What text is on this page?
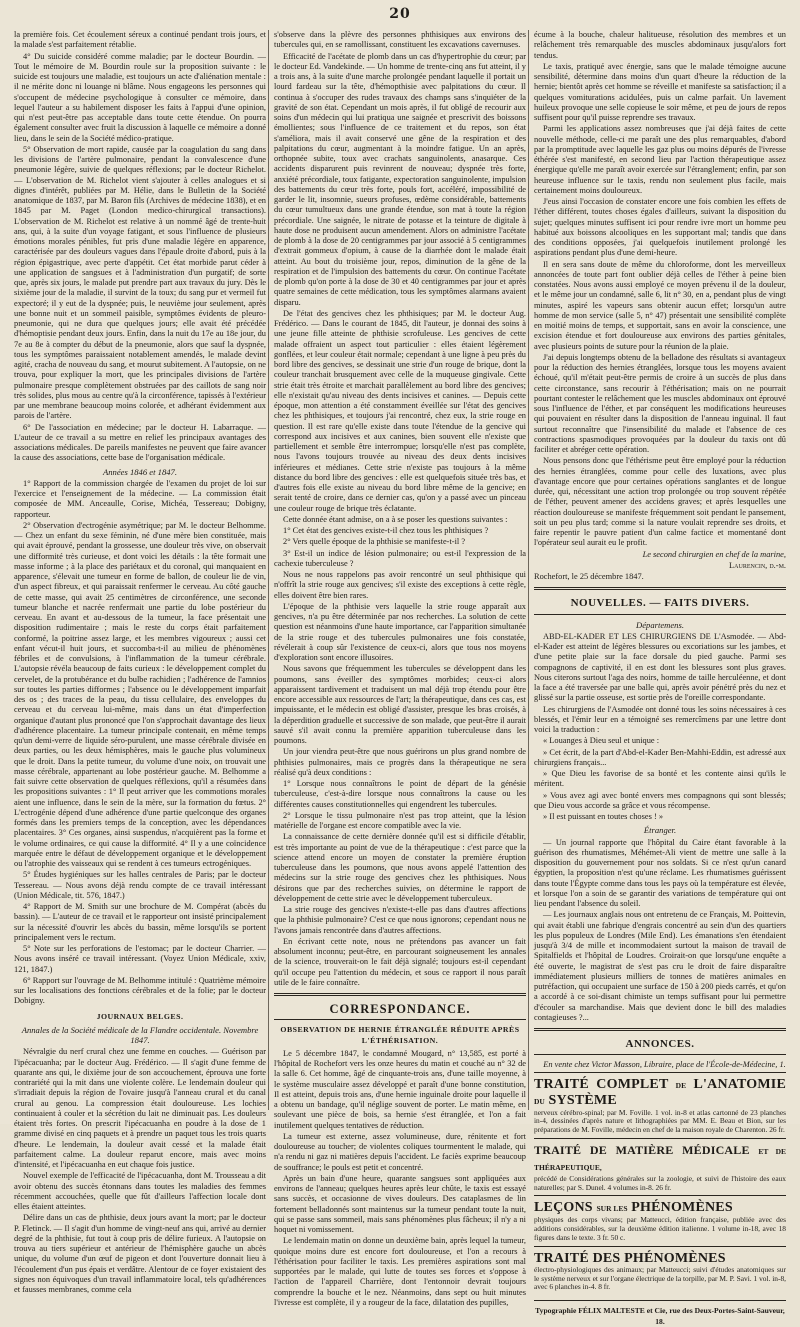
20

la première fois. Cet écoulement séreux a continué pendant trois jours, et la malade s'est parfaitement rétablie.

4° Du suicide considéré comme maladie; par le docteur Bourdin. — Tout le mémoire de M. Bourdin roule sur la proposition suivante : le suicide est toujours une maladie, est toujours un acte d'aliénation mentale : il ne mérite donc ni louange ni blâme. Nous engageons les personnes qui s'occupent de médecine psychologique à consulter ce mémoire, dans lequel l'auteur a su habilement disposer les faits à l'appui d'une opinion, qui n'est peut-être pas acceptable dans toute cette étendue. On pourra également consulter avec fruit la discussion à laquelle ce mémoire a donné lieu, dans le sein de la Société médico-pratique.

5° Observation de mort rapide, causée par la coagulation du sang dans les divisions de l'artère pulmonaire, pendant la convalescence d'une pneumonie légère, suivie de quelques réflexions; par le docteur Richelot. — L'observation de M. Richelot vient s'ajouter à celles analogues et si dignes d'intérêt, publiées par M. Hélie, dans le Bulletin de la Société anatomique de 1837, par M. Baron fils (Archives de médecine 1838), et en 1845 par M. Paget (London medico-chirurgical transactions). L'observation de M. Richelot est relative à un nommé âgé de trente-huit ans, qui, à la suite d'un voyage fatigant, et sous l'influence de plusieurs émotions morales pénibles, fut pris d'une maladie légère en apparence, caractérisée par des douleurs vagues dans l'épaule droite d'abord, puis à la région épigastrique, avec perte d'appétit. Cet état morbide parut céder à une application de sangsues et à l'administration d'un purgatif; de sorte que, après six jours, le malade put prendre part aux travaux du jury. Dès le sixième jour de la maladie, il survint de la toux; du sang pur et vermeil fut expectoré; il y eut de la dyspnée; puis, le neuvième jour seulement, après une bonne nuit et un sommeil paisible, symptômes évidents de pleuro-pneumonie, qui ne dura que quelques jours; elle avait été précédée d'hémoptisie pendant deux jours. Enfin, dans la nuit du 17e au 18e jour, du 7e au 8e à compter du début de la pneumonie, alors que sauf la dyspnée, tous les symptômes paraissaient notablement amendés, le malade devint agité, cracha de nouveau du sang, et mourut subitement. A l'autopsie, on ne trouva, pour expliquer la mort, que les principales divisions de l'artère pulmonaire presque complètement obstruées par des caillots de sang noir très solides, plus mous au centre qu'à la circonférence, tapissés à l'extérieur par une membrane beaucoup moins colorée, et adhérant évidemment aux parois de l'artère.

6° De l'association en médecine; par le docteur H. Labarraque. — L'auteur de ce travail a su mettre en relief les principaux avantages des associations médicales. De pareils manifestes ne peuvent que faire avancer la cause des associations, cette base de l'organisation médicale.

Années 1846 et 1847.

1° Rapport de la commission chargée de l'examen du projet de loi sur l'exercice et l'enseignement de la médecine. — La commission était composée de MM. Anceaulle, Corise, Michéa, Tessereau; Dobigny, rapporteur.

2° Observation d'ectrogénie asymétrique; par M. le docteur Belhomme. — Chez un enfant du sexe féminin, né d'une mère bien constituée, mais qui avait éprouvé, pendant la grossesse, une douleur très vive, on observait une difformité très curieuse, et dont voici les détails : la tête formait une masse informe ; à la place des pariétaux et du coronal, qui manquaient en apparence, s'élevait une tumeur en forme de ballon, de couleur lie de vin, d'un aspect fibreux, et qui paraissait renfermer le cerveau. Au côté gauche de cette masse, qui avait 25 centimètres de circonférence, une seconde tumeur blanche et nacrée renfermait une partie du lobe postérieur du cerveau. En avant et au-dessous de la tumeur, la face présentait une disposition rudimentaire ; mais le reste du corps était parfaitement conformé, la poitrine assez large, et les membres vigoureux ; aussi cet enfant vécut-il huit jours, et succomba-t-il au milieu de phénomènes fébriles et de convulsions, à l'inflammation de la tumeur cérébrale. L'autopsie révéla beaucoup de faits curieux : le développement complet du cervelet, de la protubérance et du bulbe rachidien ; l'adhérence de l'amnios sur toutes les parties difformes ; l'absence ou le développement imparfait des os ; des traces de la peau, du tissu cellulaire, des enveloppes du cerveau et du cerveau lui-même, mais dans un état d'imperfection organique d'autant plus prononcé que l'on s'approchait davantage des lieux d'adhérence placentaire. La tumeur principale contenait, en même temps qu'un demi-verre de liquide séro-purulent, une masse cérébrale divisée en deux parties, ou les deux hémisphères, mais le gauche plus volumineux que le droit. Dans la petite tumeur, du volume d'une noix, on trouvait une masse cérébrale, appartenant au lobe postérieur gauche. M. Belhomme a fait suivre cette observation de quelques réflexions, qu'il a résumées dans les propositions suivantes : 1° Il peut arriver que les commotions morales aient une influence, dans le sein de la mère, sur la formation du fœtus. 2° L'ectrogénie dépend d'une adhérence d'une partie quelconque des organes formés dans les premiers temps de la conception, avec les dépendances placentaires. 3° Ces organes, ainsi suspendus, n'acquièrent pas la forme et le volume ordinaires, ce qui cause la difformité. 4° Il y a une coïncidence marquée entre le défaut de développement organique et le développement ou l'atrophie des vaisseaux qui se rendent à ces tumeurs ectrogéniques.

5° Études hygiéniques sur les halles centrales de Paris; par le docteur Tessereau. — Nous avons déjà rendu compte de ce travail intéressant (Union Médicale, tit. 576, 1847.)

4° Rapport de M. Smith sur une brochure de M. Compérat (abcès du bassin). — L'auteur de ce travail et le rapporteur ont insisté principalement sur la nécessité d'ouvrir les abcès du bassin, même lorsqu'ils se portent principalement vers le rectum.

5° Note sur les perforations de l'estomac; par le docteur Charrier. — Nous avons inséré ce travail intéressant. (Voyez Union Médicale, xxiv, 121, 1847.)

6° Rapport sur l'ouvrage de M. Belhomme intitulé : Quatrième mémoire sur les localisations des fonctions cérébrales et de la folie; par le docteur Dobigny.

JOURNAUX BELGES.
Annales de la Société médicale de la Flandre occidentale. Novembre 1847.

Névralgie du nerf crural chez une femme en couches. — Guérison par l'ipécacuanha; par le docteur Aug. Frédérico. — Il s'agit d'une femme de quarante ans qui, le dixième jour de son accouchement, éprouva une forte contrariété qui la mit dans une violente colère. Le lendemain douleur qui s'irradiait depuis la région de l'ovaire jusqu'à l'anneau crural et du canal crural au genou. La compression était douloureuse. Les lochies continuaient à couler et la sécrétion du lait ne diminuait pas. Les douleurs étaient très fortes. On prescrit l'ipécacuanha en poudre à la dose de 1 gramme divisé en cinq paquets et à prendre un paquet tous les trois quarts d'heure. Le lendemain, la douleur avait cessé et la malade était parfaitement calme. La douleur reparut encore, mais avec moins d'intensité, et l'ipécacuanha en eut chaque fois justice.

Nouvel exemple de l'efficacité de l'ipécacuanha, dont M. Trousseau a dit avoir obtenu des succès étonnans dans toutes les maladies des femmes récemment accouchées, quelle que fût d'ailleurs l'affection locale dont elles étaient atteintes.

Délire dans un cas de phthisie, deux jours avant la mort; par le docteur P. Fletinck. — Il s'agit d'un homme de vingt-neuf ans qui, arrivé au dernier degré de la phthisie, fut tout à coup pris de délire furieux. A l'autopsie on trouva au tiers supérieur et antérieur de l'hémisphère gauche un abcès unique, du volume d'un œuf de pigeon et dont l'ouverture donnait lieu à l'écoulement d'un pus épais et verdâtre. Alentour de ce foyer existaient des signes non équivoques d'un travail inflammatoire local, tels qu'adhérences et fausses membranes, comme cela

s'observe dans la plèvre des personnes phthisiques aux environs des tubercules qui, en se ramollissant, constituent les excavations cavernuses.

Efficacité de l'acétate de plomb dans un cas d'hypertrophie du cœur; par le docteur Ed. Vandekinde. — Un homme de trente-cinq ans fut atteint, il y a trois ans, à la suite d'une marche prolongée pendant laquelle il portait un lourd fardeau sur la tête, d'hémopthisie avec palpitations du cœur. Il continua à s'occuper des rudes travaux des champs sans s'inquiéter de la gravité de son état. Cependant un mois après, il fut obligé de recourir aux soins d'un médecin qui lui pratiqua une saignée et prescrivit des boissons émollientes; sous l'influence de ce traitement et du repos, son état s'améliora, mais il avait conservé une gêne de la respiration et des palpitations du cœur, augmentant à la moindre fatigue. Un an après, orthopnée subite, toux avec crachats sanguinolents, anasarque. Ces accidents disparurent puis revinrent de nouveau; dyspnée très forte, anxiété précordiale, toux fatigante, expectoration sanguinolente, impulsion des battements du cœur très forte, pouls fort, accéléré, impossibilité de garder le lit, insomnie, sueurs profuses, œdème considérable, battements du cœur tumultueux dans une grande étendue, son mat à toute la région précordiale. Une saignée, le nitrate de potasse et la teinture de digitale à haute dose ne produisent aucun amendement. Alors on administre l'acétate de plomb à la dose de 20 centigrammes par jour associé à 5 centigrammes d'extrait gommeux d'opium, à cause de la diarrhée dont le malade était atteint. Au bout du troisième jour, repos, diminution de la gêne de la respiration et de l'impulsion des battements du cœur. On continue l'acétate de plomb qu'on porte à la dose de 30 et 40 centigrammes par jour et après quatre semaines de cette médication, tous les symptômes alarmans avaient disparu.

De l'état des gencives chez les phthisiques; par M. le docteur Aug. Frédérico. — Dans le courant de 1845, dit l'auteur, je donnai des soins à une jeune fille atteinte de phthisie scrofuleuse. Les gencives de cette malade offraient un aspect tout particulier : elles étaient légèrement gonflées, et leur couleur était normale; cependant à une ligne à peu près du bord libre des gencives, se dessinait une strie d'un rouge de brique, dont la couleur tranchait brusquement avec celle de la muqueuse gingivale. Cette strie était très étroite et marchait parallèlement au bord libre des gencives; elle n'existait qu'au niveau des dents incisives et canines. — Depuis cette époque, mon attention a été constamment éveillée sur l'état des gencives chez les phthisiques, et toujours j'ai rencontré, chez eux, la strie rouge en question. Il est rare qu'elle existe dans toute l'étendue de la gencive qui correspond aux incisives et aux canines, bien souvent elle n'existe que partiellement et semble être interrompue; lorsqu'elle n'est pas complète, nous l'avons toujours trouvée au niveau des deux dents incisives inférieures et médianes. Cette strie n'existe pas toujours à la même distance du bord libre des gencives : elle est quelquefois située très bas, et d'autres fois elle existe au niveau du bord libre même de la gencive; en serait tenté de croire, dans ce dernier cas, qu'on y a passé avec un pinceau une couleur rouge de brique très éclatante.

Cette donnée étant admise, on a à se poser les questions suivantes :

1° Cet état des gencives existe-t-il chez tous les phthisiques ?

2° Vers quelle époque de la phthisie se manifeste-t-il ?

3° Est-il un indice de lésion pulmonaire; ou est-il l'expression de la cachexie tuberculeuse ?

Nous ne nous rappelons pas avoir rencontré un seul phthisique qui n'offrît la strie rouge aux gencives; s'il existe des exceptions à cette règle, elles doivent être bien rares.

L'époque de la phthisie vers laquelle la strie rouge apparaît aux gencives, n'a pu être déterminée par nos recherches. La solution de cette question est néanmoins d'une haute importance, car l'apparition simultanée de la strie rouge et des tubercules pulmonaires une fois constatée, révélerait à coup sûr l'existence de ceux-ci, alors que tous nos moyens d'exploration sont encore illusoires.

Nous savons que fréquemment les tubercules se développent dans les poumons, sans éveiller des symptômes morbides; ceux-ci alors apparaissent tardivement et traduisent un mal déjà trop étendu pour être encore accessible aux ressources de l'art; la thérapeutique, dans ces cas, est impuissante, et le médecin est obligé d'assister, presque les bras croisés, à la déperdition graduelle et successive de son malade, que peut-être il aurait sauvé s'il avait connu la première apparition tuberculeuse dans les poumons.

Un jour viendra peut-être que nous guérirons un plus grand nombre de phthisies pulmonaires, mais ce progrès dans la thérapeutique ne sera réalisé qu'à deux conditions :

1° Lorsque nous connaîtrons le point de départ de la génésie tuberculeuse, c'est-à-dire lorsque nous connaîtrons la cause ou les différentes causes constitutionnelles qui engendrent les tubercules.

2° Lorsque le tissu pulmonaire n'est pas trop atteint, que la lésion matérielle de l'organe est encore compatible avec la vie.

La connaissance de cette dernière donnée qu'il est si difficile d'établir, est très importante au point de vue de la thérapeutique : c'est parce que la science attend encore un moyen de constater la première éruption tuberculeuse dans les poumons, que nous avons appelé l'attention des médecins sur la strie rouge des gencives chez les phthisiques. Nous désirons que par des recherches suivies, on détermine le rapport de développement de cette strie avec le développement tuberculeux.

La strie rouge des gencives n'existe-t-elle pas dans d'autres affections que la phthisie pulmonaire? C'est ce que nous ignorons; cependant nous ne l'avons jamais rencontrée dans d'autres affections.

En écrivant cette note, nous ne prétendons pas avancer un fait absolument inconnu; peut-être, en parcourant soigneusement les annales de la science, trouverait-on le fait déjà signalé; toujours est-il cependant qu'il occupe peu l'attention du médecin, et sous ce rapport il nous paraît utile de le faire connaître.

CORRESPONDANCE.
OBSERVATION DE HERNIE ÉTRANGLÉE RÉDUITE APRÈS L'ÉTHÉRISATION.

Le 5 décembre 1847, le condamné Mougard, n° 13,585, est porté à l'hôpital de Rochefort vers les onze heures du matin et couché au n° 32 de la salle 6. Cet homme, âgé de cinquante-trois ans, d'une taille moyenne, à le système musculaire assez développé et paraît d'une bonne constitution, Il est atteint, depuis trois ans, d'une hernie inguinale droite pour laquelle il a obtenu un bandage, qu'il néglige souvent de porter. Le matin même, en soulevant une pièce de bois, sa hernie s'est étranglée, et l'on a fait inutilement quelques tentatives de réduction.

La tumeur est externe, assez volumineuse, dure, rénitente et fort douloureuse au toucher; de violentes coliques tourmentent le malade, qui n'a rendu ni gaz ni matières depuis l'accident. Le faciès exprime beaucoup de souffrance; le pouls est petit et concentré.

Après un bain d'une heure, quarante sangsues sont appliquées aux environs de l'anneau; quelques heures après leur chûte, le taxis est essayé sans succès, et occasionne de vives douleurs. Des cataplasmes de lin fortement belladonnés sont maintenus sur la tumeur pendant toute la nuit, qui se passe sans sommeil, mais sans phénomènes plus fâcheux; il n'y a ni hoquet ni vomissement.

Le lendemain matin on donne un deuxième bain, après lequel la tumeur, quoique moins dure est encore fort douloureuse, et l'on a recours à l'éthérisation pour faciliter le taxis. Les premières aspirations sont mal supportées par le malade, qui lutte de toutes ses forces et s'oppose à l'action de l'appareil Charrière, dont l'entonnoir devrait toujours comprendre la bouche et le nez. Néanmoins, dans sept ou huit minutes l'ivresse est complète, il y a rougeur de la face, dilatation des pupilles,

écume à la bouche, chaleur halitueuse, résolution des membres et un relâchement très remarquable des muscles abdominaux jusqu'alors fort tendus.

Le taxis, pratiqué avec énergie, sans que le malade témoigne aucune sensibilité, détermine dans moins d'un quart d'heure la réduction de la hernie; bientôt après cet homme se réveille et manifeste sa satisfaction; il a quelques vomiturations acidulées, puis un calme parfait. Un lavement huileux provoque une selle copieuse le soir même, et peu de jours de repos suffisent pour qu'il puisse reprendre ses travaux.

Parmi les applications assez nombreuses que j'ai déjà faites de cette nouvelle méthode, celle-ci me paraît une des plus remarquables, d'abord par la promptitude avec laquelle les gaz plus ou moins dépurés de l'ivresse éthérée s'est manifesté, en second lieu par l'action thérapeutique assez énergique qu'elle me paraît avoir exercée sur l'étranglement; enfin, par son heureuse influence sur le taxis, rendu non seulement plus facile, mais certainement moins douloureux.

J'eus ainsi l'occasion de constater encore une fois combien les effets de l'éther différent, toutes choses égales d'ailleurs, suivant la disposition du sujet; quelques minutes suffisent ici pour rendre ivre mort un homme peu habitué aux boissons alcooliques en les supportant mal; tandis que dans des conditions opposées, j'ai quelquefois inutilement prolongé les aspirations pendant plus d'une demi-heure.

Il en sera sans doute de même du chloroforme, dont les merveilleux annoncées de toute part font oublier déjà celles de l'éther à peine bien constatées. Nous avons aussi employé ce moyen prévenu il de la douleur, et le même jour un condamné, salle 6, lit n° 30, en a, pendant plus de vingt minutes, aspiré les vapeurs sans obtenir aucun effet; lorsqu'un autre homme de mon service (salle 5, n° 47) présentait une sensibilité complète en moitié moins de temps, et supportait, sans en avoir la conscience, une excision étendue et fort douloureuse aux environs des parties génitales, avec plusieurs points de suture pour la réunion de la plaie.

J'ai depuis longtemps obtenu de la belladone des résultats si avantageux pour la réduction des hernies étranglées, lorsque tous les moyens avaient échoué, qu'il m'était peut-être permis de croire à un succès de plus dans cette circonstance, sans recourir à l'éthérisation; mais on ne pourrait pourtant contester le relâchement que les muscles abdominaux ont éprouvé sous l'influence de l'éther, et par conséquent les modifications heureuses qui pouvaient en résulter dans la disposition de l'anneau inguinal. Il faut surtout reconnaître que l'insensibilité du malade et l'absence de ces contractions spasmodiques provoquées par la douleur du taxis ont dû faciliter et abréger cette opération.

Nous pensons donc que l'éthérisme peut être employé pour la réduction des hernies étranglées, comme pour celle des luxations, avec plus d'avantage encore que pour certaines opérations sanglantes et de longue durée, qui, nécessitant une action trop prolongée ou trop souvent répétée de l'éther, peuvent amener des accidens graves; et après lesquelles une réaction douloureuse se manifeste fréquemment soit pendant le pansement, soit un peu plus tard; comme si la nature voulait reprendre ses droits, et faire repentir le pauvre patient d'un calme factice et momentané dont l'opérateur seul aurait eu le profit.

Le second chirurgien en chef de la marine,

Laurencin, d.-m.

Rochefort, le 25 décembre 1847.

NOUVELLES. — FAITS DIVERS.
Départemens.

ABD-EL-KADER ET LES CHIRURGIENS DE L'Asmodée. — Abd-el-Kader est atteint de légères blessures ou excoriations sur les jambes, et d'une petite plaie sur la face dorsale du pied gauche. Parmi ses compagnons de captivité, il en est dont les blessures sont plus graves. Nous citerons surtout l'aga des noirs, homme de taille herculéenne, et dont la face a été traversée par une balle qui, après avoir pénétré près du nez et glissé sur la partie osseuse, est sortie près de l'oreille correspondante.

Les chirurgiens de l'Asmodée ont donné tous les soins nécessaires à ces blessés, et l'émir leur en a témoigné ses remercîmens par une lettre dont voici la traduction :

« Louanges à Dieu seul et unique :

» Cet écrit, de la part d'Abd-el-Kader Ben-Mahhi-Eddin, est adressé aux chirurgiens français...

» Que Dieu les favorise de sa bonté et les contente ainsi qu'ils le méritent.

» Vous avez agi avec bonté envers mes compagnons qui sont blessés; que Dieu vous accorde sa grâce et vous récompense.

» Il est puissant en toutes choses ! »

Étranger.

— Un journal rapporte que l'hôpital du Caire étant favorable à la guérison des rhumatismes, Méhémet-Ali vient de mettre une salle à la disposition du gouvernement pour nos soldats. Si ce n'est qu'un canard égyptien, la proposition n'est qu'une réclame. Les rhumatismes guérissent dans toute l'Égypte comme dans tous les pays où la température est élevée, et lorsque l'on a soin de se garantir des variations de température qui ont lieu pendant l'absence du soleil.

— Les journaux anglais nous ont entretenu de ce Français, M. Poittevin, qui avait établi une fabrique d'engrais concentré au sein d'un des quartiers les plus populeux de Londres (Mile End). Les émanations s'en étendaient jusqu'à 3/4 de mille et incommodaient surtout la maison de travail de Spitalfields et l'hôpital de Loudres. Croirait-on que lorsqu'une enquête a été ouverte, le magistrat de s'est pas cru le droit de faire disparaître immédiatement plusieurs milliers de tonnes de matières animales en putréfaction, qui occupaient une surface de 150 à 200 pieds carrés, et qu'on a accordé à ce soi-disant chimiste un temps suffisant pour lui permettre d'écouler sa marchandise. Mais que devient donc le bill des maladies contagieuses ?...

ANNONCES.

En vente chez Victor Masson, Libraire, place de l'École-de-Médecine, 1.

TRAITÉ COMPLET DE L'ANATOMIE DU SYSTÈME
nerveux cérébro-spinal; par M. Foville. 1 vol. in-8 et atlas cartonné de 23 planches in-4, dessinées d'après nature et lithographiées par MM. E. Beau et Bion, sur les préparations de M. Foville, médecin en chef de la maison royale de Charenton. 26 fr.
TRAITÉ DE MATIÈRE MÉDICALE ET DE THÉRAPEUTIQUE,
précédé de Considérations générales sur la zoologie, et suivi de l'histoire des eaux naturelles; par S. Dunel. 4 volumes in-8. 26 fr.
LEÇONS SUR LES PHÉNOMÈNES
physiques des corps vivans; par Matteucci, édition française, publiée avec des additions considérables, sur la deuxième édition italienne. 1 volume in-18, avec 18 figures dans le texte. 3 fr. 50 c.
TRAITÉ DES PHÉNOMÈNES
électro-physiologiques des animaux; par Matteucci; suivi d'études anatomiques sur le système nerveux et sur l'organe électrique de la torpille, par M. P. Savi. 1 vol. in-8, avec 6 planches in-4. 8 fr.
Typographie FÉLIX MALTESTE et Cie, rue des Deux-Portes-Saint-Sauveur, 18.
